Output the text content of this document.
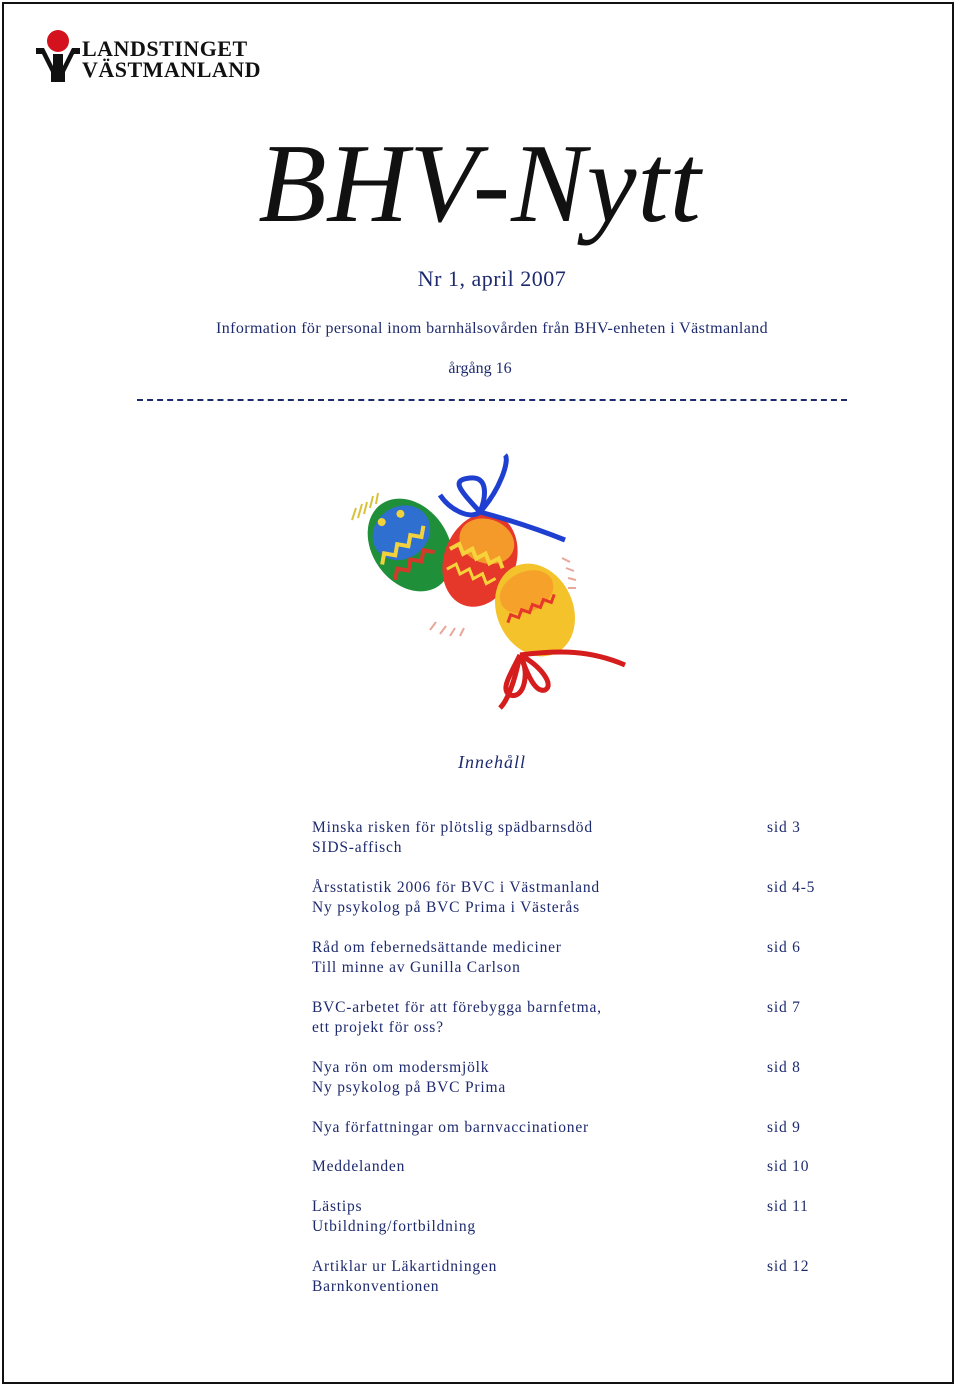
LANDSTINGET
VÄSTMANLAND
BHV-Nytt
Nr 1, april 2007
Information för personal inom barnhälsovården från BHV-enheten i Västmanland
årgång 16
Innehåll
Minska risken för plötslig spädbarnsdöd
SIDS-affisch
sid 3
Årsstatistik 2006 för BVC i Västmanland
Ny psykolog på BVC Prima i Västerås
sid 4-5
Råd om febernedsättande mediciner
Till minne av Gunilla Carlson
sid 6
BVC-arbetet för att förebygga barnfetma,
ett projekt för oss?
sid 7
Nya rön om modersmjölk
Ny psykolog på BVC Prima
sid 8
Nya författningar om barnvaccinationer	sid 9
Meddelanden	sid 10
Lästips
Utbildning/fortbildning
sid 11
Artiklar ur Läkartidningen
Barnkonventionen
sid 12
